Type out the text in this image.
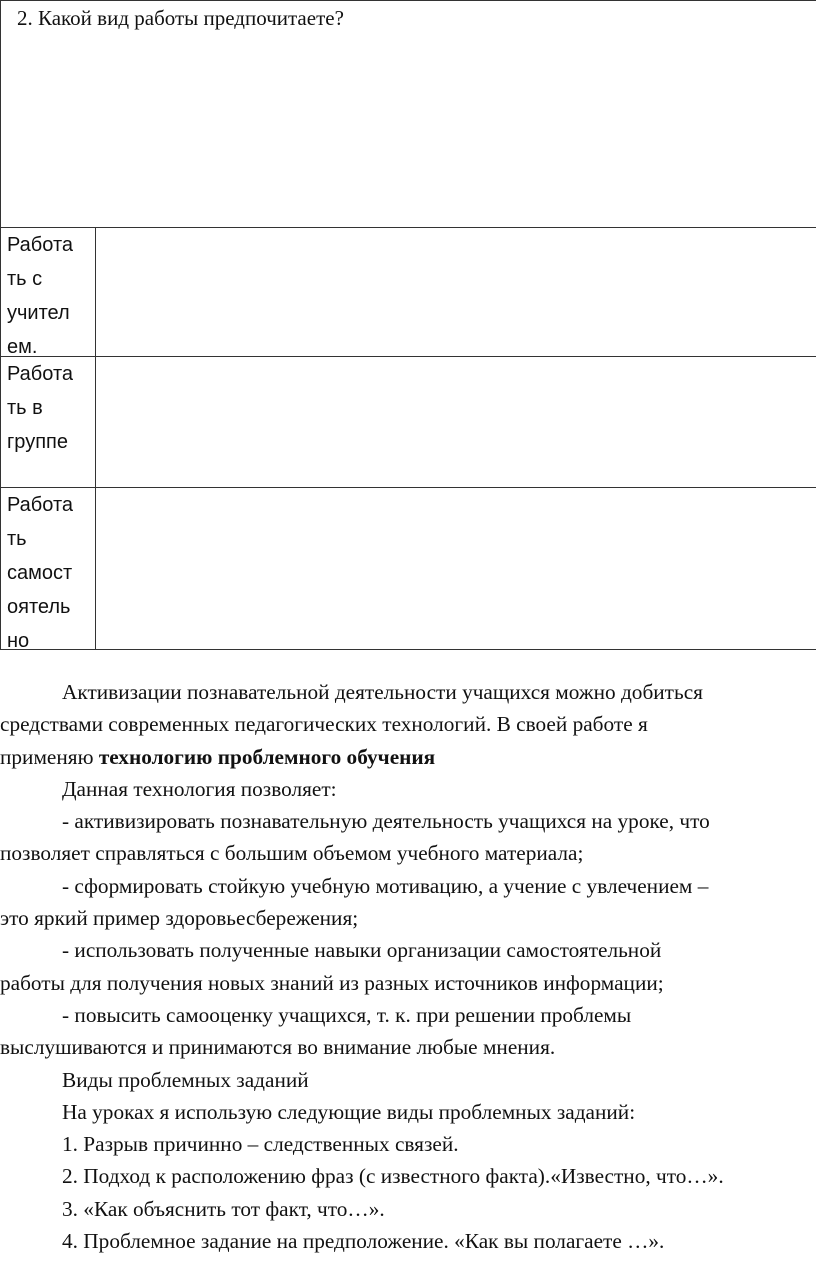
2. Какой вид работы предпочитаете?
Работа
ть с
учител
ем.
Работа
ть в
группе
Работа
ть
самост
оятель
но

Активизации познавательной деятельности учащихся можно добиться

средствами современных педагогических технологий. В своей работе я

применяю технологию проблемного обучения

Данная технология позволяет:

- активизировать познавательную деятельность учащихся на уроке, что

позволяет справляться с большим объемом учебного материала;

- сформировать стойкую учебную мотивацию, а учение с увлечением –

это яркий пример здоровьесбережения;

- использовать полученные навыки организации самостоятельной

работы для получения новых знаний из разных источников информации;

- повысить самооценку учащихся, т. к. при решении проблемы

выслушиваются и принимаются во внимание любые мнения.

Виды проблемных заданий

На уроках я использую следующие виды проблемных заданий:

1. Разрыв причинно – следственных связей.

2. Подход к расположению фраз (с известного факта).«Известно, что…».

3. «Как объяснить тот факт, что…».

4. Проблемное задание на предположение. «Как вы полагаете …».
